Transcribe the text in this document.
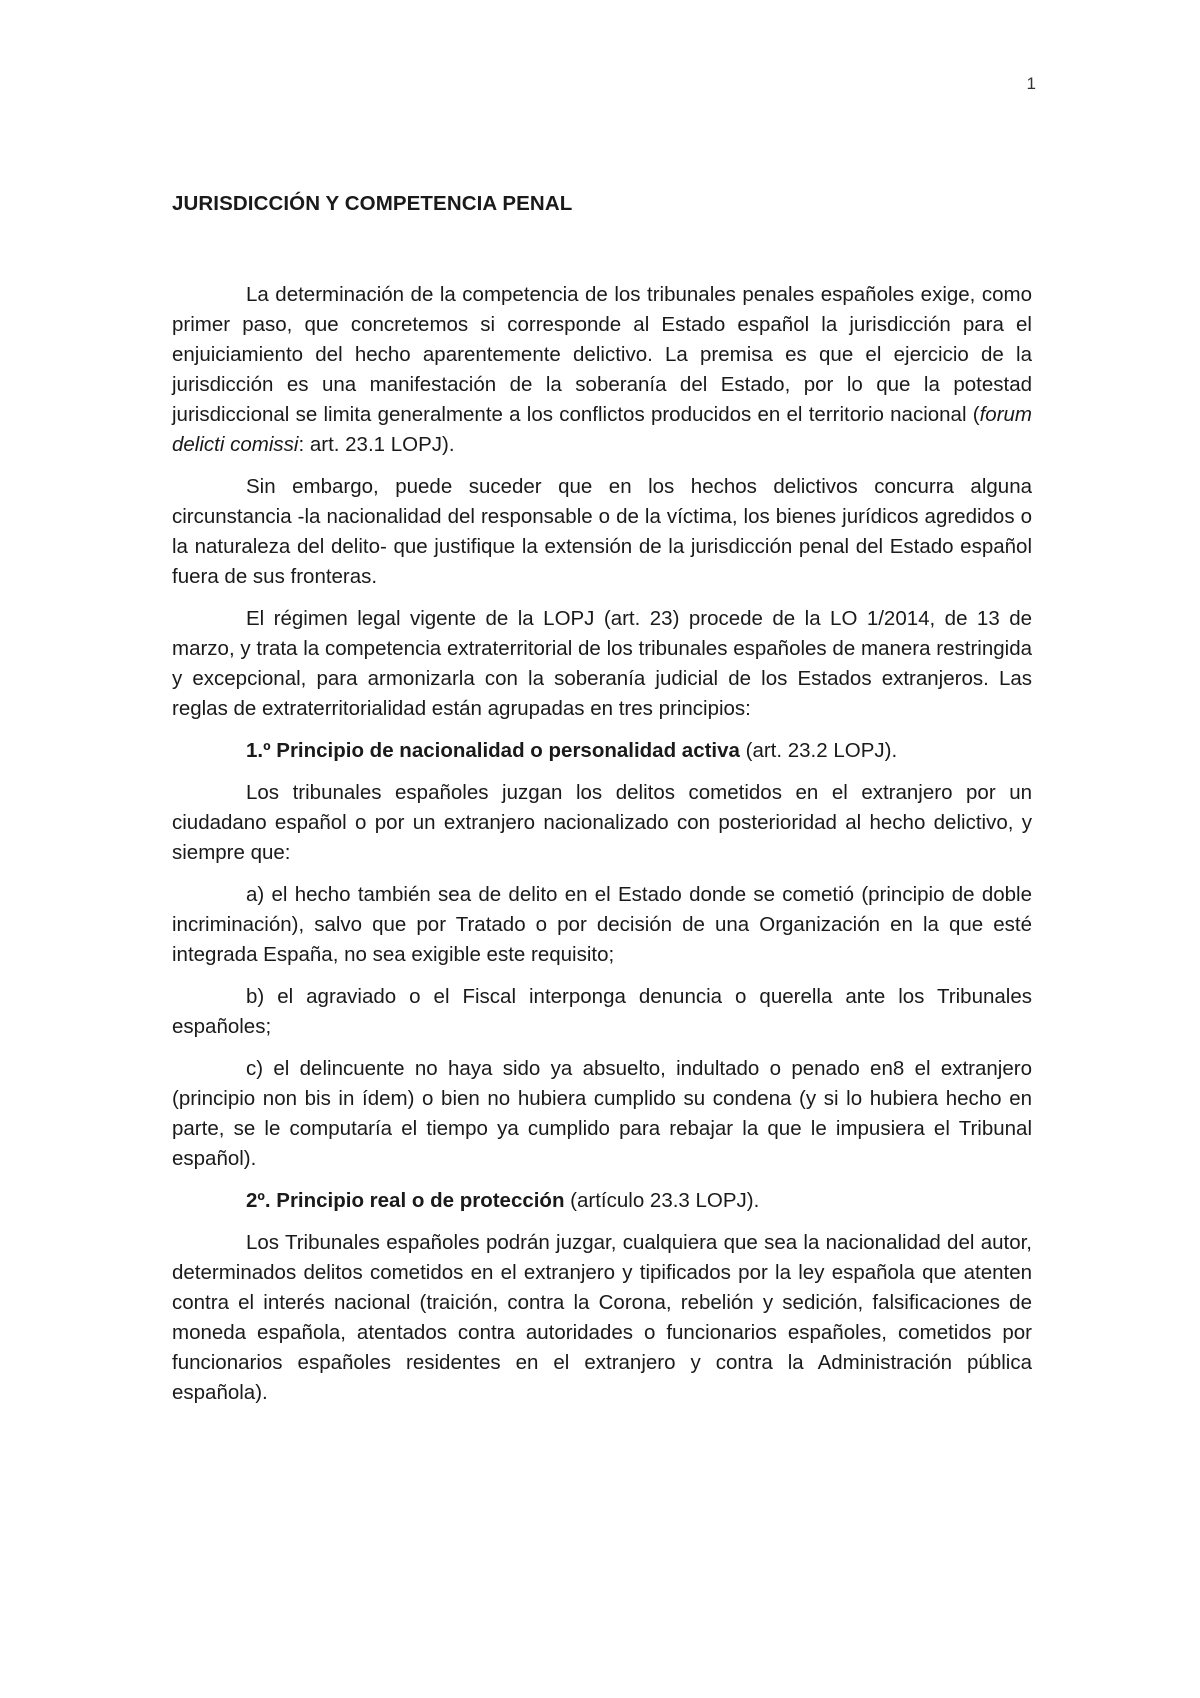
1
JURISDICCIÓN Y COMPETENCIA PENAL

La determinación de la competencia de los tribunales penales españoles exige, como primer paso, que concretemos si corresponde al Estado español la jurisdicción para el enjuiciamiento del hecho aparentemente delictivo. La premisa es que el ejercicio de la jurisdicción es una manifestación de la soberanía del Estado, por lo que la potestad jurisdiccional se limita generalmente a los conflictos producidos en el territorio nacional (forum delicti comissi: art. 23.1 LOPJ).

Sin embargo, puede suceder que en los hechos delictivos concurra alguna circunstancia -la nacionalidad del responsable o de la víctima, los bienes jurídicos agredidos o la naturaleza del delito- que justifique la extensión de la jurisdicción penal del Estado español fuera de sus fronteras.

El régimen legal vigente de la LOPJ (art. 23) procede de la LO 1/2014, de 13 de marzo, y trata la competencia extraterritorial de los tribunales españoles de manera restringida y excepcional, para armonizarla con la soberanía judicial de los Estados extranjeros. Las reglas de extraterritorialidad están agrupadas en tres principios:

1.º Principio de nacionalidad o personalidad activa (art. 23.2 LOPJ).

Los tribunales españoles juzgan los delitos cometidos en el extranjero por un ciudadano español o por un extranjero nacionalizado con posterioridad al hecho delictivo, y siempre que:

a) el hecho también sea de delito en el Estado donde se cometió (principio de doble incriminación), salvo que por Tratado o por decisión de una Organización en la que esté integrada España, no sea exigible este requisito;

b) el agraviado o el Fiscal interponga denuncia o querella ante los Tribunales españoles;

c) el delincuente no haya sido ya absuelto, indultado o penado en8 el extranjero (principio non bis in ídem) o bien no hubiera cumplido su condena (y si lo hubiera hecho en parte, se le computaría el tiempo ya cumplido para rebajar la que le impusiera el Tribunal español).

2º. Principio real o de protección (artículo 23.3 LOPJ).

Los Tribunales españoles podrán juzgar, cualquiera que sea la nacionalidad del autor, determinados delitos cometidos en el extranjero y tipificados por la ley española que atenten contra el interés nacional (traición, contra la Corona, rebelión y sedición, falsificaciones de moneda española, atentados contra autoridades o funcionarios españoles, cometidos por funcionarios españoles residentes en el extranjero y contra la Administración pública española).
